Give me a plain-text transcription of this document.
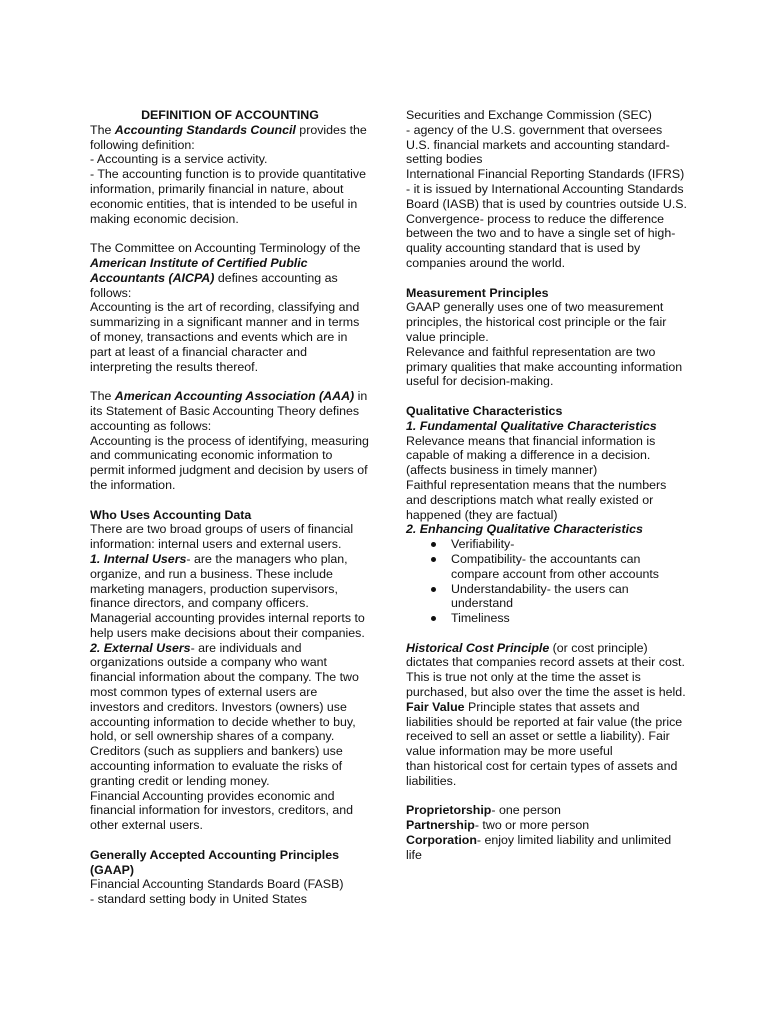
DEFINITION OF ACCOUNTING

The Accounting Standards Council provides the following definition:

- Accounting is a service activity.

- The accounting function is to provide quantitative information, primarily financial in nature, about economic entities, that is intended to be useful in making economic decision.

The Committee on Accounting Terminology of the American Institute of Certified Public Accountants (AICPA) defines accounting as follows:

Accounting is the art of recording, classifying and summarizing in a significant manner and in terms of money, transactions and events which are in part at least of a financial character and interpreting the results thereof.

The American Accounting Association (AAA) in its Statement of Basic Accounting Theory defines accounting as follows:

Accounting is the process of identifying, measuring and communicating economic information to permit informed judgment and decision by users of the information.

Who Uses Accounting Data

There are two broad groups of users of financial information: internal users and external users.

1. Internal Users- are the managers who plan, organize, and run a business. These include marketing managers, production supervisors, finance directors, and company officers.

Managerial accounting provides internal reports to help users make decisions about their companies.

2. External Users- are individuals and organizations outside a company who want financial information about the company. The two most common types of external users are investors and creditors. Investors (owners) use accounting information to decide whether to buy, hold, or sell ownership shares of a company.

Creditors (such as suppliers and bankers) use accounting information to evaluate the risks of granting credit or lending money.

Financial Accounting provides economic and financial information for investors, creditors, and other external users.

Generally Accepted Accounting Principles (GAAP)

Financial Accounting Standards Board (FASB)

- standard setting body in United States

Securities and Exchange Commission (SEC)

- agency of the U.S. government that oversees U.S. financial markets and accounting standard-setting bodies

International Financial Reporting Standards (IFRS)

- it is issued by International Accounting Standards Board (IASB) that is used by countries outside U.S.

Convergence- process to reduce the difference between the two and to have a single set of high-quality accounting standard that is used by companies around the world.

Measurement Principles

GAAP generally uses one of two measurement principles, the historical cost principle or the fair value principle.

Relevance and faithful representation are two primary qualities that make accounting information useful for decision-making.

Qualitative Characteristics

1. Fundamental Qualitative Characteristics

Relevance means that financial information is capable of making a difference in a decision. (affects business in timely manner)

Faithful representation means that the numbers and descriptions match what really existed or happened (they are factual)

2. Enhancing Qualitative Characteristics

Verifiability-
Compatibility- the accountants can compare account from other accounts
Understandability- the users can understand
Timeliness

Historical Cost Principle (or cost principle) dictates that companies record assets at their cost. This is true not only at the time the asset is purchased, but also over the time the asset is held.

Fair Value Principle states that assets and liabilities should be reported at fair value (the price received to sell an asset or settle a liability). Fair value information may be more useful

than historical cost for certain types of assets and liabilities.

Proprietorship- one person

Partnership- two or more person

Corporation- enjoy limited liability and unlimited life
